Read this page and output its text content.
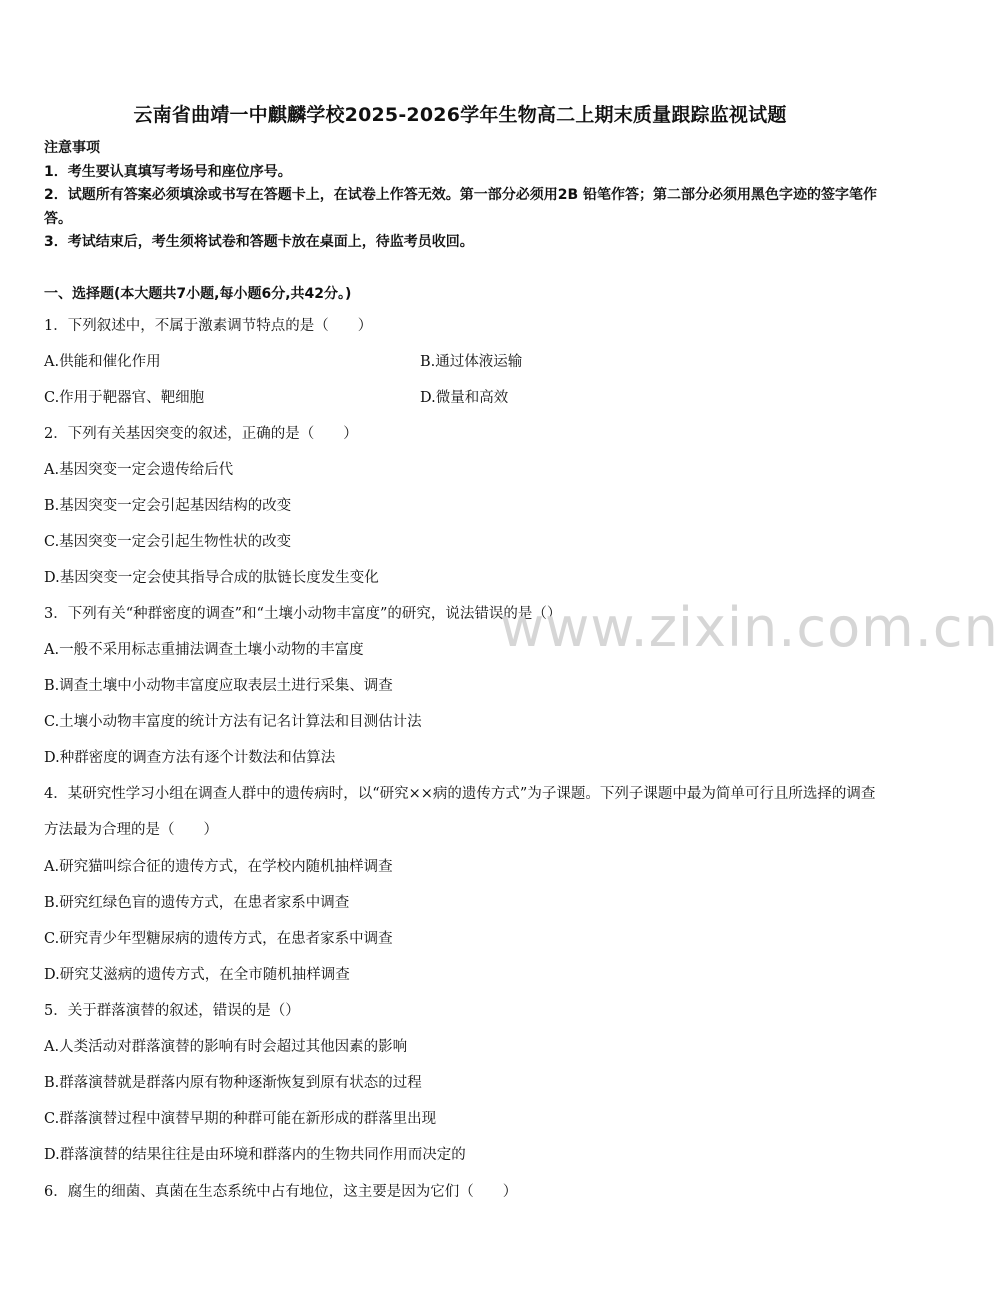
云南省曲靖一中麒麟学校2025-2026学年生物高二上期末质量跟踪监视试题
注意事项
1．考生要认真填写考场号和座位序号。
2．试题所有答案必须填涂或书写在答题卡上，在试卷上作答无效。第一部分必须用2B 铅笔作答；第二部分必须用黑色字迹的签字笔作答。
3．考试结束后，考生须将试卷和答题卡放在桌面上，待监考员收回。
一、选择题(本大题共7小题,每小题6分,共42分。)
1．下列叙述中，不属于激素调节特点的是（　　）
A.供能和催化作用	B.通过体液运输
C.作用于靶器官、靶细胞	D.微量和高效
2．下列有关基因突变的叙述，正确的是（　　）
A.基因突变一定会遗传给后代
B.基因突变一定会引起基因结构的改变
C.基因突变一定会引起生物性状的改变
D.基因突变一定会使其指导合成的肽链长度发生变化
3．下列有关“种群密度的调查”和“土壤小动物丰富度”的研究，说法错误的是（）
A.一般不采用标志重捕法调查土壤小动物的丰富度
B.调查土壤中小动物丰富度应取表层土进行采集、调查
C.土壤小动物丰富度的统计方法有记名计算法和目测估计法
D.种群密度的调查方法有逐个计数法和估算法
4．某研究性学习小组在调查人群中的遗传病时，以“研究××病的遗传方式”为子课题。下列子课题中最为简单可行且所选择的调查方法最为合理的是（　　）
A.研究猫叫综合征的遗传方式，在学校内随机抽样调查
B.研究红绿色盲的遗传方式，在患者家系中调查
C.研究青少年型糖尿病的遗传方式，在患者家系中调查
D.研究艾滋病的遗传方式，在全市随机抽样调查
5．关于群落演替的叙述，错误的是（）
A.人类活动对群落演替的影响有时会超过其他因素的影响
B.群落演替就是群落内原有物种逐渐恢复到原有状态的过程
C.群落演替过程中演替早期的种群可能在新形成的群落里出现
D.群落演替的结果往往是由环境和群落内的生物共同作用而决定的
6．腐生的细菌、真菌在生态系统中占有地位，这主要是因为它们（　　）
www.zixin.com.cn
